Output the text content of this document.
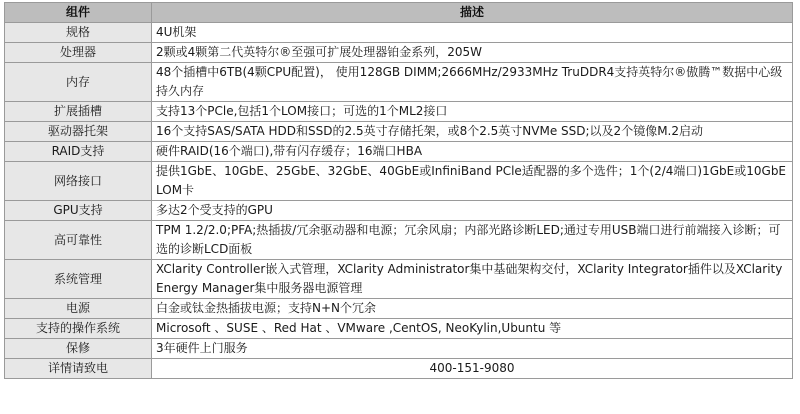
组件	描述
规格	4U机架
处理器	2颗或4颗第二代英特尔®至强可扩展处理器铂金系列，205W
内存	48个插槽中6TB(4颗CPU配置)， 使用128GB DIMM;2666MHz/2933MHz TruDDR4支持英特尔®傲腾™数据中心级持久内存
扩展插槽	支持13个PCle,包括1个LOM接口；可选的1个ML2接口
驱动器托架	16个支持SAS/SATA HDD和SSD的2.5英寸存储托架，或8个2.5英寸NVMe SSD;以及2个镜像M.2启动
RAID支持	硬件RAID(16个端口),带有闪存缓存；16端口HBA
网络接口	提供1GbE、10GbE、25GbE、32GbE、40GbE或InfiniBand PCle适配器的多个选件；1个(2/4端口)1GbE或10GbE LOM卡
GPU支持	多达2个受支持的GPU
高可靠性	TPM 1.2/2.0;PFA;热插拔/冗余驱动器和电源；冗余风扇；内部光路诊断LED;通过专用USB端口进行前端接入诊断；可选的诊断LCD面板
系统管理	XClarity Controller嵌入式管理，XClarity Administrator集中基础架构交付，XClarity Integrator插件以及XClarity Energy Manager集中服务器电源管理
电源	白金或钛金热插拔电源；支持N+N个冗余
支持的操作系统	Microsoft 、SUSE 、Red Hat 、VMware ,CentOS, NeoKylin,Ubuntu 等
保修	3年硬件上门服务
详情请致电	400-151-9080
